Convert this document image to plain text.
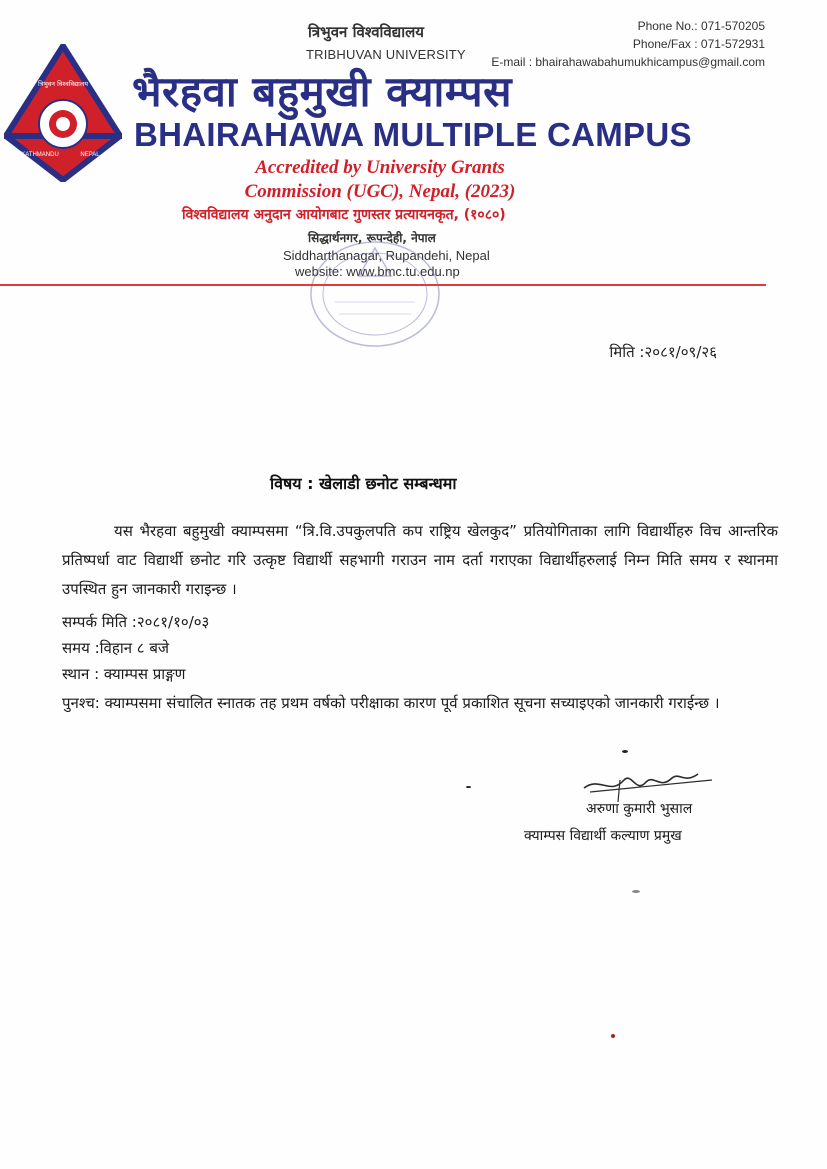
त्रिभुवन विश्वविद्यालय
KATHMANDU	NEPAL
त्रिभुवन विश्वविद्यालय
TRIBHUVAN UNIVERSITY
Phone No.: 071-570205
Phone/Fax : 071-572931
E-mail : bhairahawabahumukhicampus@gmail.com
भैरहवा बहुमुखी क्याम्पस
BHAIRAHAWA MULTIPLE CAMPUS
Accredited by University Grants
Commission (UGC), Nepal, (2023)
विश्वविद्यालय अनुदान आयोगबाट गुणस्तर प्रत्यायनकृत, (१०८०)
सिद्धार्थनगर, रूपन्देही, नेपाल
Siddharthanagar, Rupandehi, Nepal
website: www.bmc.tu.edu.np
मिति :२०८१/०९/२६
विषय : खेलाडी छनोट सम्बन्धमा
यस भैरहवा बहुमुखी क्याम्पसमा “त्रि.वि.उपकुलपति कप राष्ट्रिय खेलकुद” प्रतियोगिताका लागि विद्यार्थीहरु विच आन्तरिक प्रतिष्पर्धा वाट विद्यार्थी छनोट गरि उत्कृष्ट विद्यार्थी सहभागी गराउन नाम दर्ता गराएका विद्यार्थीहरुलाई निम्न मिति समय र स्थानमा उपस्थित हुन जानकारी गराइन्छ ।
सम्पर्क मिति :२०८१/१०/०३
समय :विहान ८ बजे
स्थान : क्याम्पस प्राङ्गण
पुनश्च: क्याम्पसमा संचालित स्नातक तह प्रथम वर्षको परीक्षाका कारण पूर्व प्रकाशित सूचना सच्याइएको जानकारी गराईन्छ ।
अरुणा कुमारी भुसाल
क्याम्पस विद्यार्थी कल्याण प्रमुख
